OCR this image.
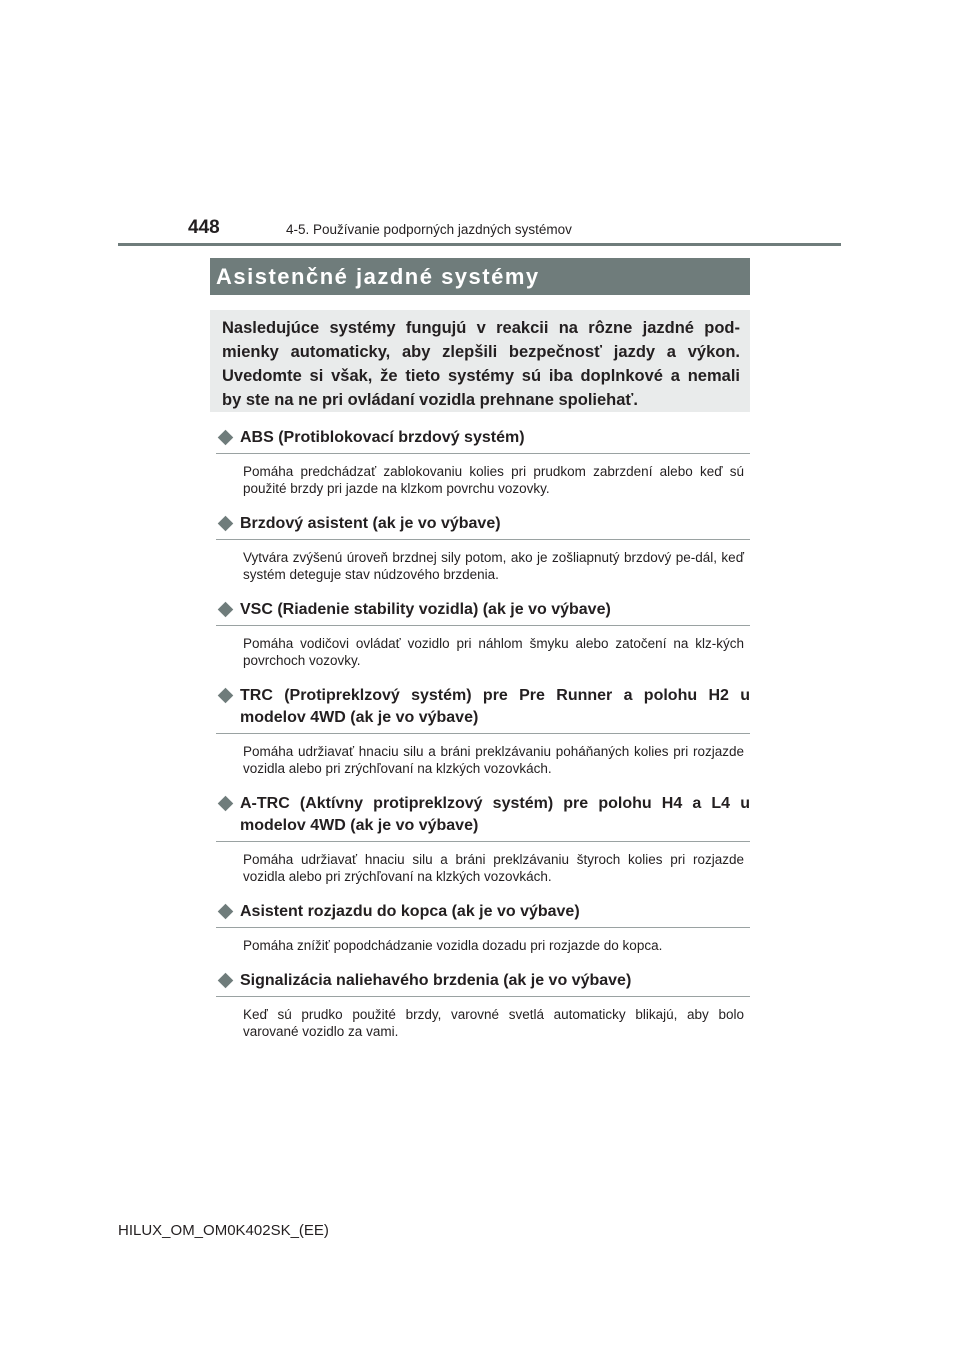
448	4-5. Používanie podporných jazdných systémov
Asistenčné jazdné systémy
Nasledujúce systémy fungujú v reakcii na rôzne jazdné pod-
mienky automaticky, aby zlepšili bezpečnosť jazdy a výkon.
Uvedomte si však, že tieto systémy sú iba doplnkové a nemali
by ste na ne pri ovládaní vozidla prehnane spoliehať.
ABS (Protiblokovací brzdový systém)
Pomáha predchádzať zablokovaniu kolies pri prudkom zabrzdení alebo keď sú použité brzdy pri jazde na klzkom povrchu vozovky.
Brzdový asistent (ak je vo výbave)
Vytvára zvýšenú úroveň brzdnej sily potom, ako je zošliapnutý brzdový pe-dál, keď systém deteguje stav núdzového brzdenia.
VSC (Riadenie stability vozidla) (ak je vo výbave)
Pomáha vodičovi ovládať vozidlo pri náhlom šmyku alebo zatočení na klz-kých povrchoch vozovky.
TRC (Protipreklzový systém) pre Pre Runner a polohu H2 u modelov 4WD (ak je vo výbave)
Pomáha udržiavať hnaciu silu a bráni preklzávaniu poháňaných kolies pri rozjazde vozidla alebo pri zrýchľovaní na klzkých vozovkách.
A-TRC (Aktívny protipreklzový systém) pre polohu H4 a L4 u modelov 4WD (ak je vo výbave)
Pomáha udržiavať hnaciu silu a bráni preklzávaniu štyroch kolies pri rozjazde vozidla alebo pri zrýchľovaní na klzkých vozovkách.
Asistent rozjazdu do kopca (ak je vo výbave)
Pomáha znížiť popodchádzanie vozidla dozadu pri rozjazde do kopca.
Signalizácia naliehavého brzdenia (ak je vo výbave)
Keď sú prudko použité brzdy, varovné svetlá automaticky blikajú, aby bolo varované vozidlo za vami.
HILUX_OM_OM0K402SK_(EE)
